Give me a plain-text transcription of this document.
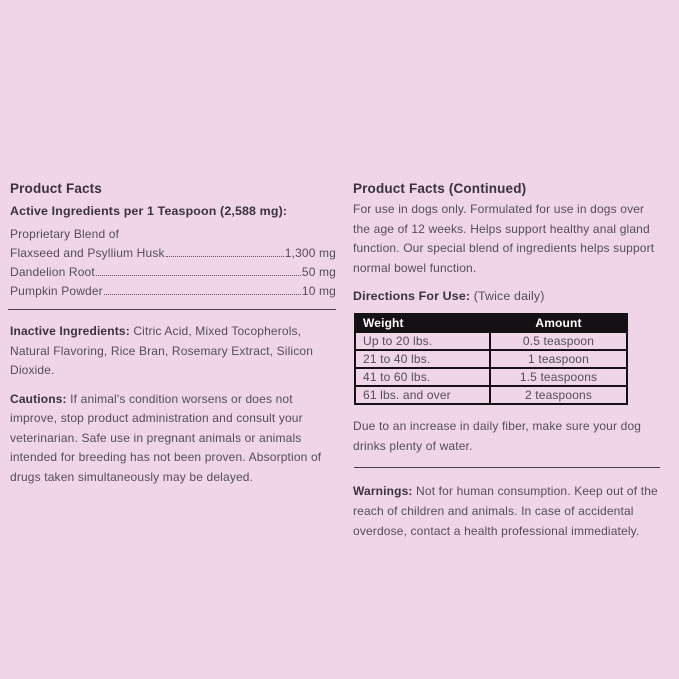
Product Facts
Active Ingredients per 1 Teaspoon (2,588 mg):
Proprietary Blend of
Flaxseed and Psyllium Husk	1,300 mg
Dandelion Root	50 mg
Pumpkin Powder	10 mg

Inactive Ingredients: Citric Acid, Mixed Tocopherols, Natural Flavoring, Rice Bran, Rosemary Extract, Silicon Dioxide.

Cautions: If animal's condition worsens or does not improve, stop product administration and consult your veterinarian. Safe use in pregnant animals or animals intended for breeding has not been proven. Absorption of drugs taken simultaneously may be delayed.

Product Facts (Continued)

For use in dogs only. Formulated for use in dogs over the age of 12 weeks. Helps support healthy anal gland function. Our special blend of ingredients helps support normal bowel function.

Directions For Use: (Twice daily)

Weight	Amount
Up to 20 lbs.	0.5 teaspoon
21 to 40 lbs.	1 teaspoon
41 to 60 lbs.	1.5 teaspoons
61 lbs. and over	2 teaspoons

Due to an increase in daily fiber, make sure your dog drinks plenty of water.

Warnings: Not for human consumption. Keep out of the reach of children and animals. In case of accidental overdose, contact a health professional immediately.
